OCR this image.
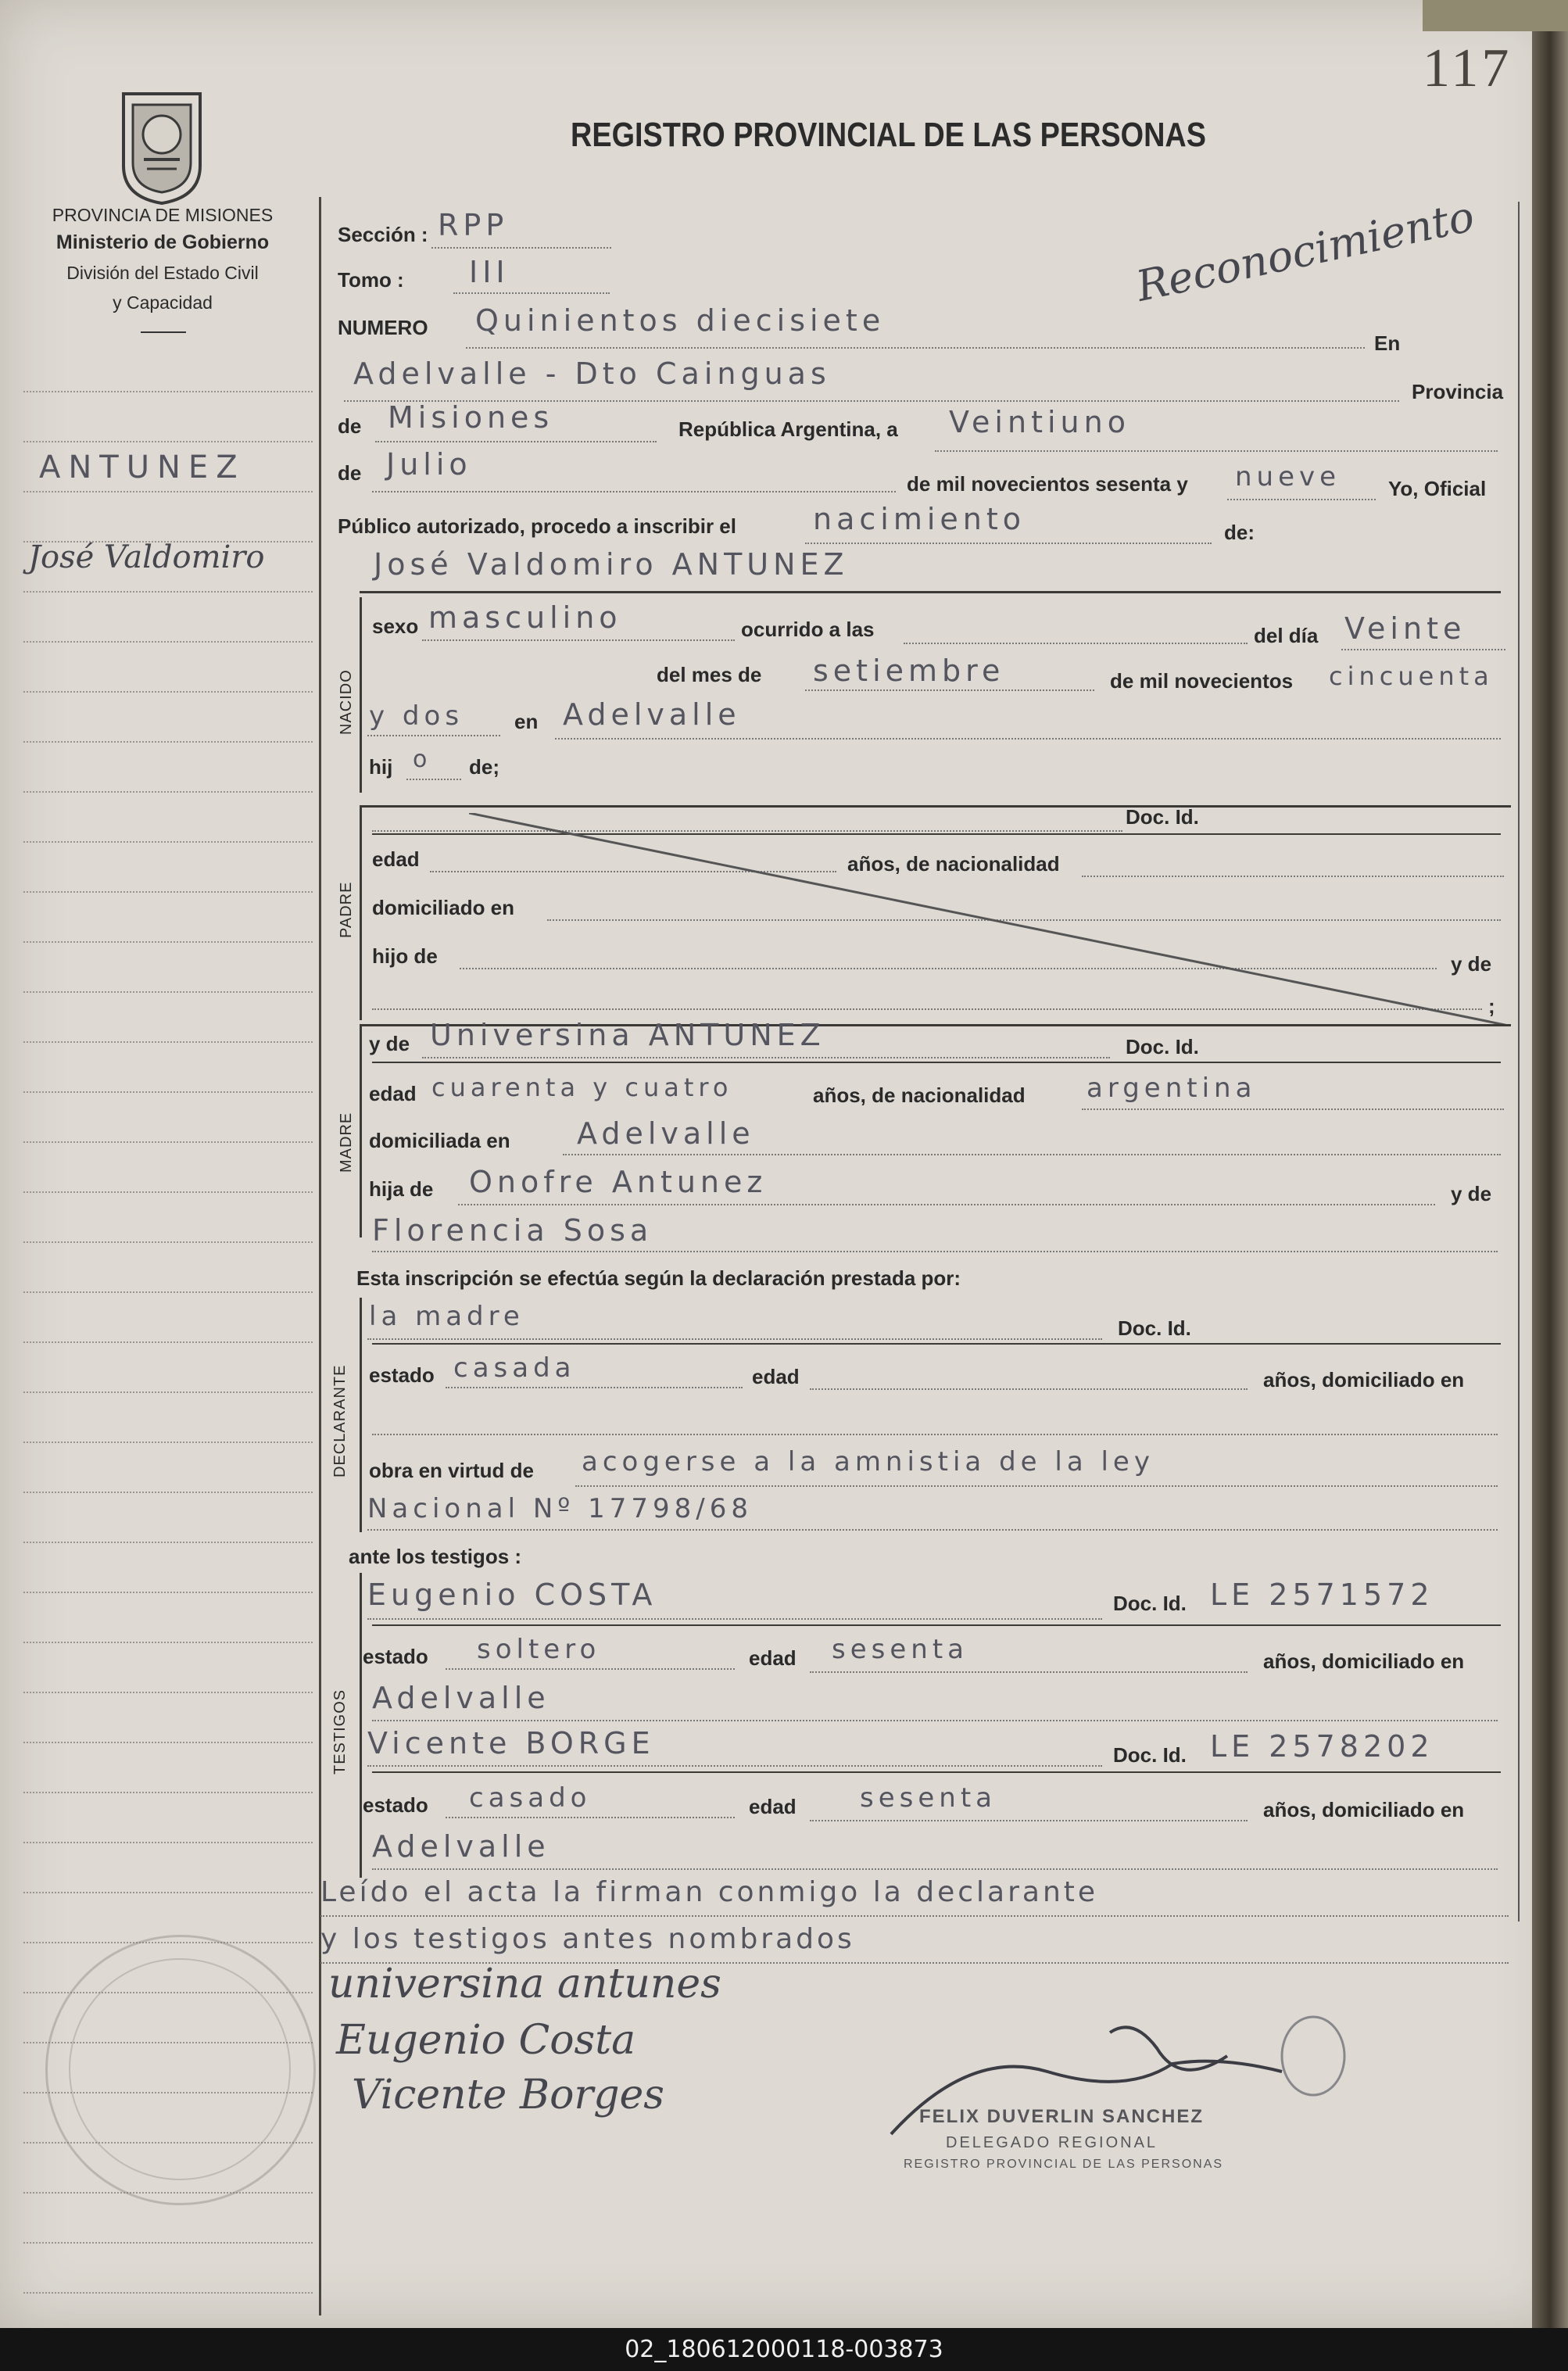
117
PROVINCIA DE MISIONES
Ministerio de Gobierno
División del Estado Civil
y Capacidad
REGISTRO PROVINCIAL DE LAS PERSONAS
ANTUNEZ
José Valdomiro
Sección : RPP	Reconocimiento
Tomo : III
NUMERO Quinientos diecisiete
En
Adelvalle - Dto Cainguas
Provincia
de Misiones	República Argentina, a Veintiuno
de Julio
de mil novecientos sesenta y nueve Yo, Oficial
Público autorizado, procedo a inscribir el	nacimiento	de:
José Valdomiro ANTUNEZ
NACIDO
sexo masculino	ocurrido a las	del día Veinte
del mes de setiembre	de mil novecientos cincuenta
y dos en Adelvalle
hij o de;
PADRE
Doc. Id.
edad	años, de nacionalidad
domiciliado en
hijo de	y de
;
MADRE
y de Universina ANTUNEZ	Doc. Id.
edad cuarenta y cuatro	años, de nacionalidad argentina
domiciliada en Adelvalle
hija de Onofre Antunez	y de
Florencia Sosa
Esta inscripción se efectúa según la declaración prestada por:
DECLARANTE
la madre	Doc. Id.
estado casada	edad	años, domiciliado en
obra en virtud de acogerse a la amnistia de la ley
Nacional Nº 17798/68
ante los testigos :
TESTIGOS
Eugenio COSTA	Doc. Id. LE 2571572
estado soltero	edad sesenta	años, domiciliado en
Adelvalle
Vicente BORGE	Doc. Id. LE 2578202
estado casado	edad sesenta	años, domiciliado en
Adelvalle
Leído el acta la firman conmigo la declarante
y los testigos antes nombrados
universina antunes
Eugenio Costa
Vicente Borges	FELIX DUVERLIN SANCHEZ
DELEGADO REGIONAL
REGISTRO PROVINCIAL DE LAS PERSONAS
02_180612000118-003873
